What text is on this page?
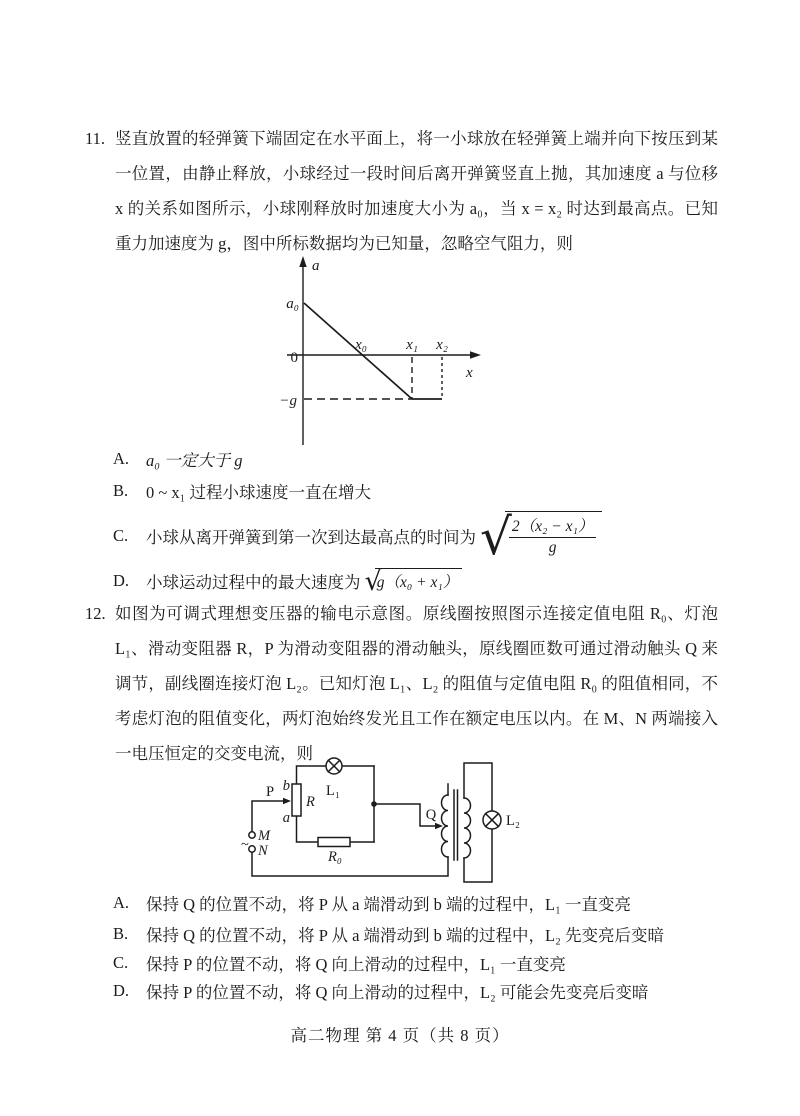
11. 竖直放置的轻弹簧下端固定在水平面上，将一小球放在轻弹簧上端并向下按压到某
一位置，由静止释放，小球经过一段时间后离开弹簧竖直上抛，其加速度 a 与位移
x 的关系如图所示，小球刚释放时加速度大小为 a₀，当 x = x₂ 时达到最高点。已知
重力加速度为 g，图中所标数据均为已知量，忽略空气阻力，则
a
x
a₀
0
x₀	x₁ x₂
−g
A.	a₀ 一定大于 g
B.	0 ~ x₁ 过程小球速度一直在增大
C.	小球从离开弹簧到第一次到达最高点的时间为 √
$\frac{\text{2（x₂ − x₁）}}{g}$
D.	小球运动过程中的最大速度为 √
g（x₀ + x₁）
12. 如图为可调式理想变压器的输电示意图。原线圈按照图示连接定值电阻 R₀、灯泡
L₁、滑动变阻器 R，P 为滑动变阻器的滑动触头，原线圈匝数可通过滑动触头 Q 来
调节，副线圈连接灯泡 L₂。已知灯泡 L₁、L₂ 的阻值与定值电阻 R₀ 的阻值相同，不
考虑灯泡的阻值变化，两灯泡始终发光且工作在额定电压以内。在 M、N 两端接入
一电压恒定的交变电流，则
P b
a
R
M
N
~
L₁
R₀
Q	L₂
A.	保持 Q 的位置不动，将 P 从 a 端滑动到 b 端的过程中，L₁ 一直变亮
B.	保持 Q 的位置不动，将 P 从 a 端滑动到 b 端的过程中，L₂ 先变亮后变暗
C.	保持 P 的位置不动，将 Q 向上滑动的过程中，L₁ 一直变亮
D.	保持 P 的位置不动，将 Q 向上滑动的过程中，L₂ 可能会先变亮后变暗
高二物理 第 4 页（共 8 页）
